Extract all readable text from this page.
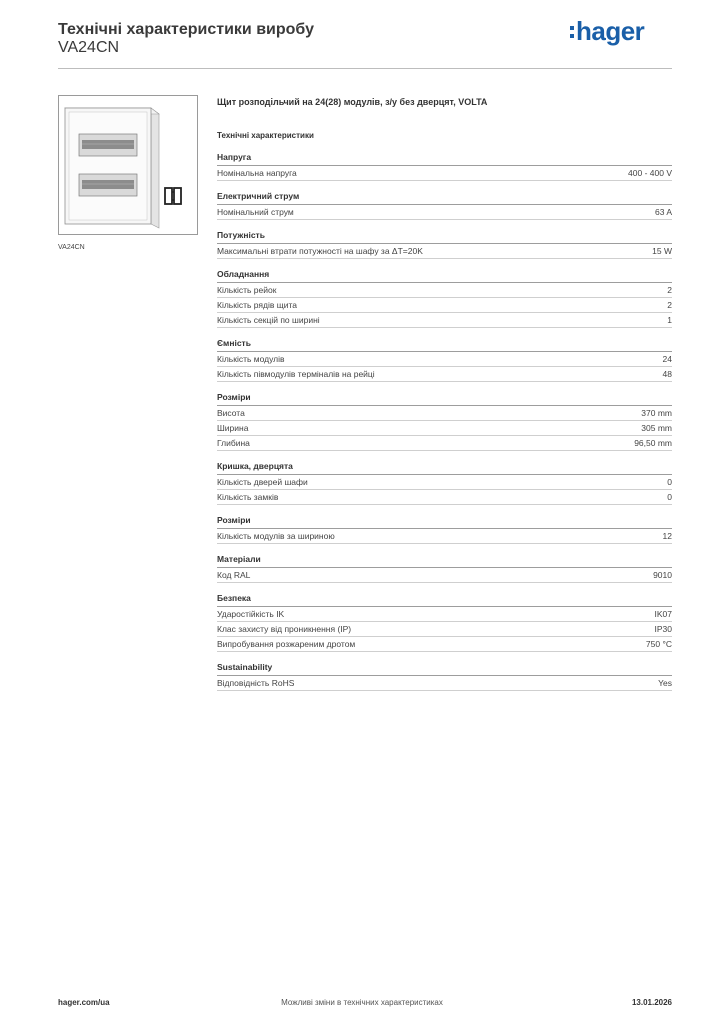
Технічні характеристики виробу
VA24CN
hager
VA24CN
Щит розподільчий на 24(28) модулів, з/у без дверцят, VOLTA
Технічні характеристики
Напруга
Номінальна напруга	400 - 400 V
Електричний струм
Номінальний струм	63 A
Потужність
Максимальні втрати потужності на шафу за ΔT=20K	15 W
Обладнання
Кількість рейок	2
Кількість рядів щита	2
Кількість секцій по ширині	1
Ємність
Кількість модулів	24
Кількість півмодулів терміналів на рейці	48
Розміри
Висота	370 mm
Ширина	305 mm
Глибина	96,50 mm
Кришка, дверцята
Кількість дверей шафи	0
Кількість замків	0
Розміри
Кількість модулів за шириною	12
Матеріали
Код RAL	9010
Безпека
Ударостійкість IK	IK07
Клас захисту від проникнення (IP)	IP30
Випробування розжареним дротом	750 °C
Sustainability
Відповідність RoHS	Yes
hager.com/ua	Можливі зміни в технічних характеристиках	13.01.2026
